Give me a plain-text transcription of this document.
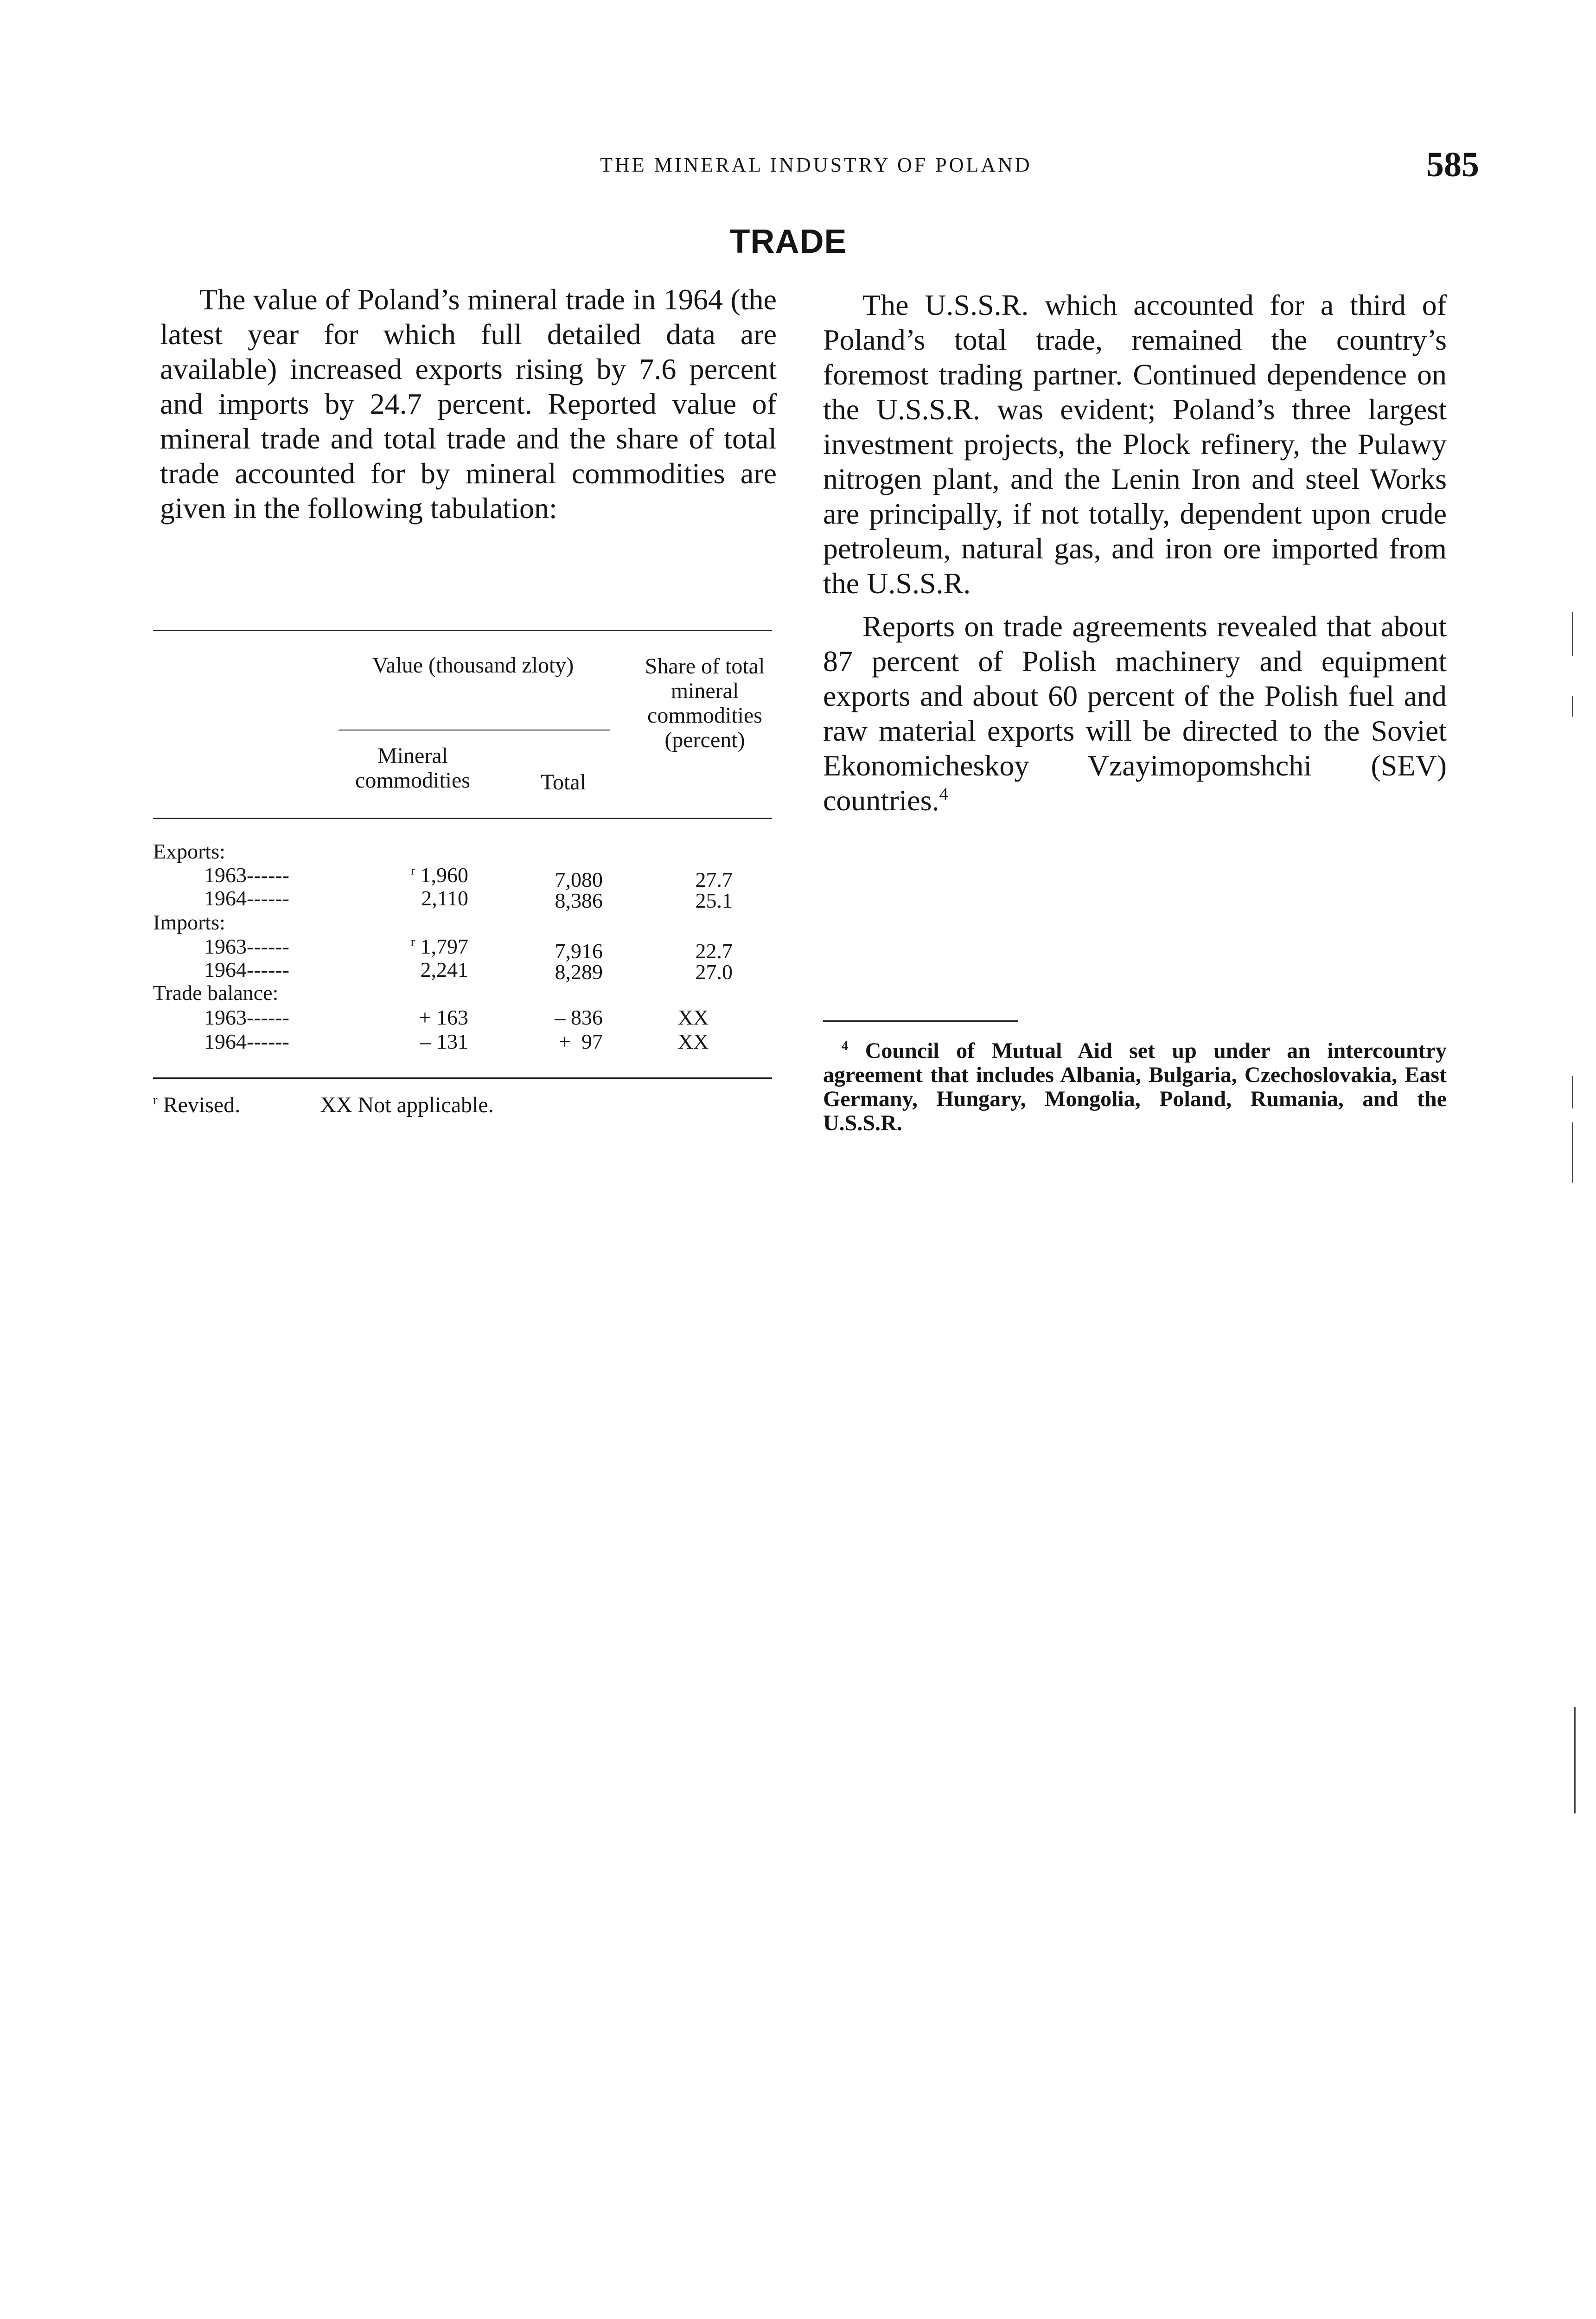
THE MINERAL INDUSTRY OF POLAND	585
TRADE

The value of Poland’s mineral trade in 1964 (the latest year for which full detailed data are available) increased exports rising by 7.6 percent and imports by 24.7 percent. Reported value of mineral trade and total trade and the share of total trade accounted for by mineral commodities are given in the following tabulation:

Value (thousand zloty)	Share of total mineral commodities (percent)
Mineral commodities	Total
Exports:
1963------	$^r$ 1,960	7,080	27.7
1964------	2,110	8,386	25.1
Imports:
1963------	$^r$ 1,797	7,916	22.7
1964------	2,241	8,289	27.0
Trade balance:
1963------	+ 163	– 836	XX
1964------	– 131	+  97	XX
$^r$ Revised.	XX Not applicable.

The U.S.S.R. which accounted for a third of Poland’s total trade, remained the country’s foremost trading partner. Continued dependence on the U.S.S.R. was evident; Poland’s three largest investment projects, the Plock refinery, the Pulawy nitrogen plant, and the Lenin Iron and steel Works are principally, if not totally, dependent upon crude petroleum, natural gas, and iron ore imported from the U.S.S.R.

Reports on trade agreements revealed that about 87 percent of Polish machinery and equipment exports and about 60 percent of the Polish fuel and raw material exports will be directed to the Soviet Ekonomicheskoy Vzayimopomshchi (SEV) countries.$^4$

$^4$ Council of Mutual Aid set up under an intercountry agreement that includes Albania, Bulgaria, Czechoslovakia, East Germany, Hungary, Mongolia, Poland, Rumania, and the U.S.S.R.
